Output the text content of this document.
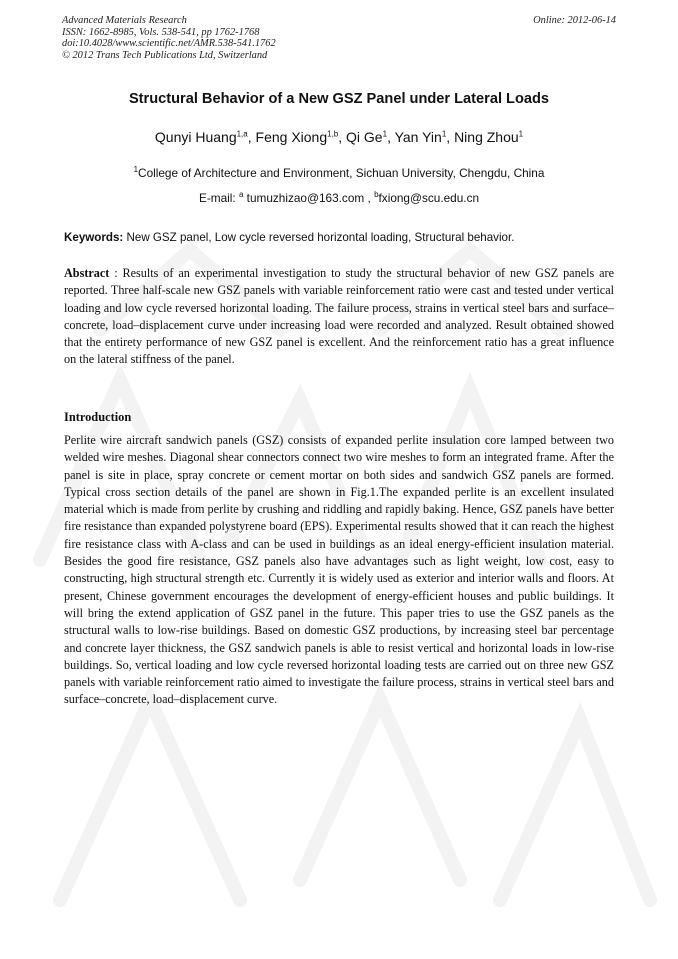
Advanced Materials Research
ISSN: 1662-8985, Vols. 538-541, pp 1762-1768
doi:10.4028/www.scientific.net/AMR.538-541.1762
© 2012 Trans Tech Publications Ltd, Switzerland
Online: 2012-06-14
Structural Behavior of a New GSZ Panel under Lateral Loads
Qunyi Huang$^{1,a}$, Feng Xiong$^{1,b}$, Qi Ge$^1$, Yan Yin$^1$, Ning Zhou$^1$
$^1$College of Architecture and Environment, Sichuan University, Chengdu, China
E-mail: $^a$ tumuzhizao@163.com , $^b$fxiong@scu.edu.cn
Keywords: New GSZ panel, Low cycle reversed horizontal loading, Structural behavior.
Abstract : Results of an experimental investigation to study the structural behavior of new GSZ panels are reported. Three half-scale new GSZ panels with variable reinforcement ratio were cast and tested under vertical loading and low cycle reversed horizontal loading. The failure process, strains in vertical steel bars and surface–concrete, load–displacement curve under increasing load were recorded and analyzed. Result obtained showed that the entirety performance of new GSZ panel is excellent. And the reinforcement ratio has a great influence on the lateral stiffness of the panel.
Introduction
Perlite wire aircraft sandwich panels (GSZ) consists of expanded perlite insulation core lamped between two welded wire meshes. Diagonal shear connectors connect two wire meshes to form an integrated frame. After the panel is site in place, spray concrete or cement mortar on both sides and sandwich GSZ panels are formed. Typical cross section details of the panel are shown in Fig.1.The expanded perlite is an excellent insulated material which is made from perlite by crushing and riddling and rapidly baking. Hence, GSZ panels have better fire resistance than expanded polystyrene board (EPS). Experimental results showed that it can reach the highest fire resistance class with A-class and can be used in buildings as an ideal energy-efficient insulation material. Besides the good fire resistance, GSZ panels also have advantages such as light weight, low cost, easy to constructing, high structural strength etc. Currently it is widely used as exterior and interior walls and floors. At present, Chinese government encourages the development of energy-efficient houses and public buildings. It will bring the extend application of GSZ panel in the future. This paper tries to use the GSZ panels as the structural walls to low-rise buildings. Based on domestic GSZ productions, by increasing steel bar percentage and concrete layer thickness, the GSZ sandwich panels is able to resist vertical and horizontal loads in low-rise buildings. So, vertical loading and low cycle reversed horizontal loading tests are carried out on three new GSZ panels with variable reinforcement ratio aimed to investigate the failure process, strains in vertical steel bars and surface–concrete, load–displacement curve.
